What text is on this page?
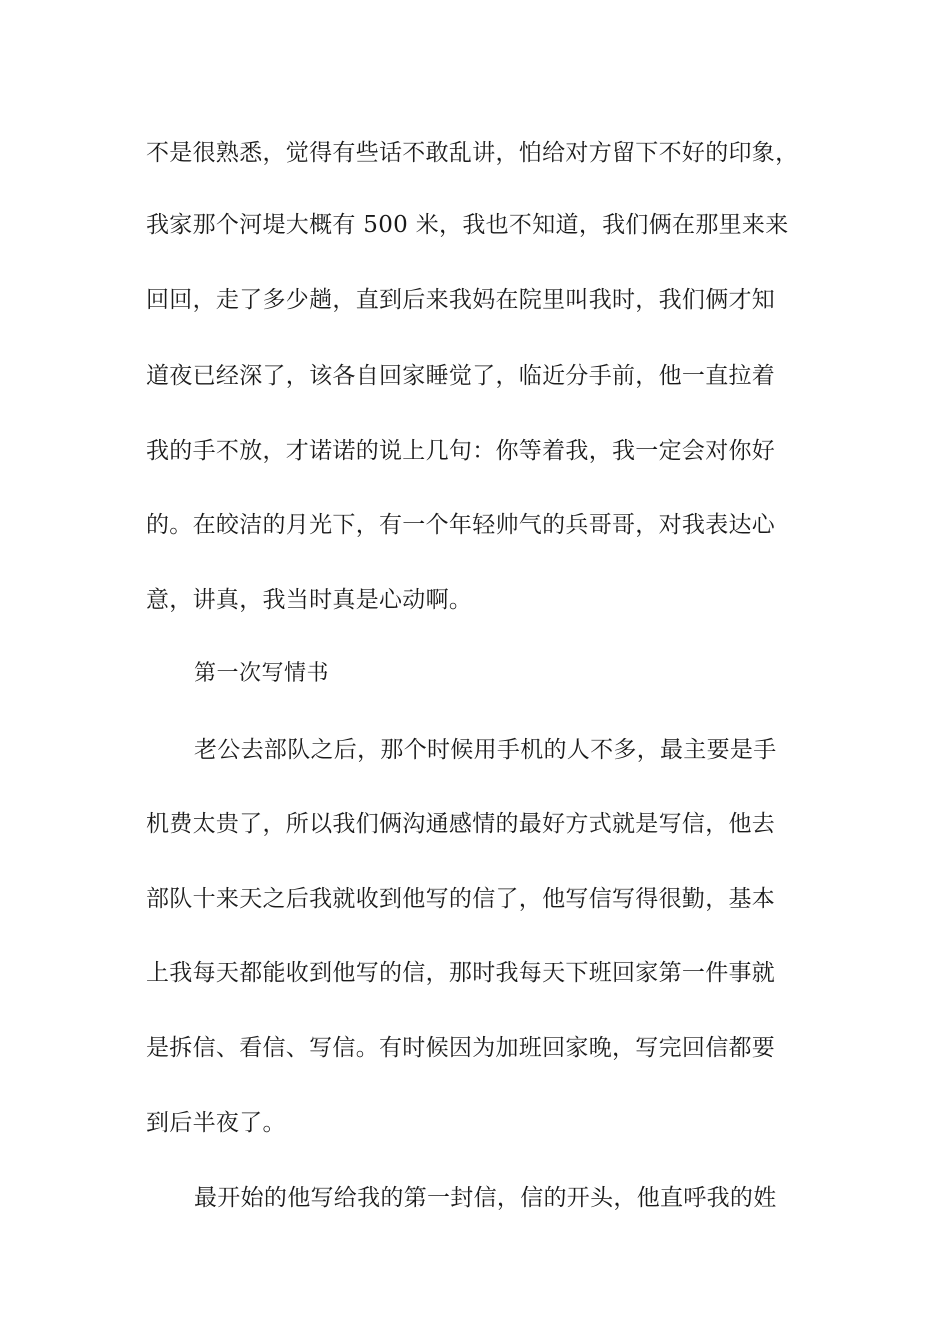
不是很熟悉，觉得有些话不敢乱讲，怕给对方留下不好的印象，
我家那个河堤大概有 500 米，我也不知道，我们俩在那里来来
回回，走了多少趟，直到后来我妈在院里叫我时，我们俩才知
道夜已经深了，该各自回家睡觉了，临近分手前，他一直拉着
我的手不放，才诺诺的说上几句：你等着我，我一定会对你好
的。在皎洁的月光下，有一个年轻帅气的兵哥哥，对我表达心
意，讲真，我当时真是心动啊。
第一次写情书
老公去部队之后，那个时候用手机的人不多，最主要是手
机费太贵了，所以我们俩沟通感情的最好方式就是写信，他去
部队十来天之后我就收到他写的信了，他写信写得很勤，基本
上我每天都能收到他写的信，那时我每天下班回家第一件事就
是拆信、看信、写信。有时候因为加班回家晚，写完回信都要
到后半夜了。
最开始的他写给我的第一封信，信的开头，他直呼我的姓
